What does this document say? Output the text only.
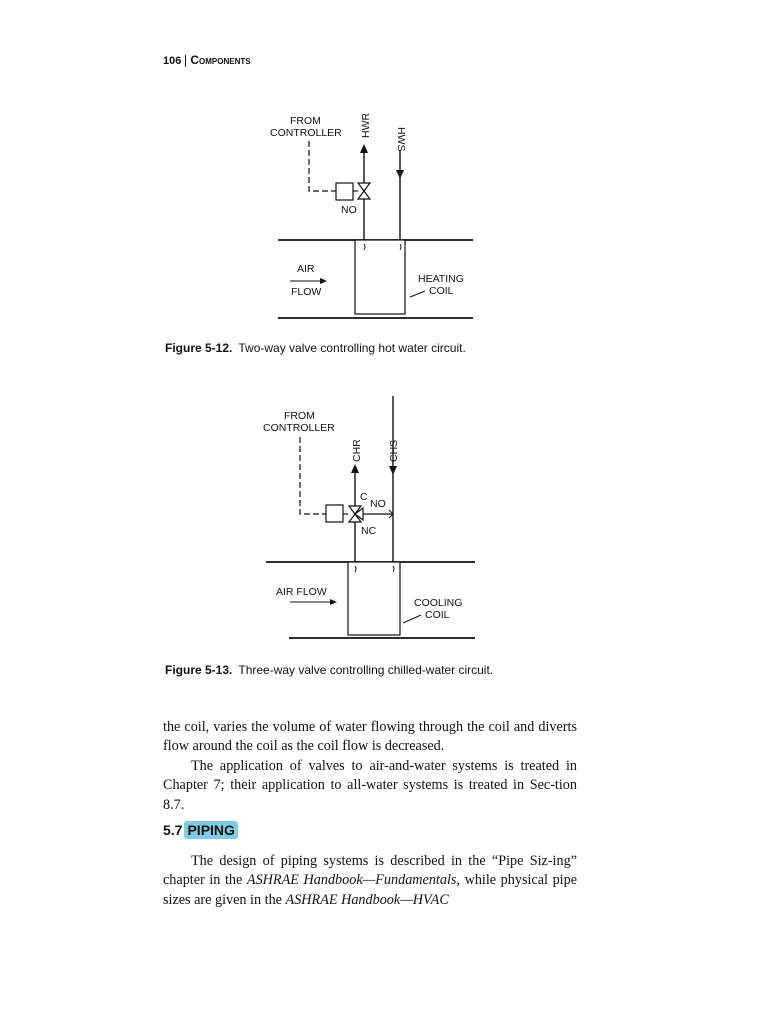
106 Components
FROM
CONTROLLER HWR
HWS
NO
AIR
FLOW
HEATING
COIL
Figure 5-12. Two-way valve controlling hot water circuit.
FROM
CONTROLLER
CHR CHS
C
NO
NC
AIR FLOW
COOLING
COIL
Figure 5-13. Three-way valve controlling chilled-water circuit.

the coil, varies the volume of water flowing through the coil and diverts flow around the coil as the coil flow is decreased.

The application of valves to air-and-water systems is treated in Chapter 7; their application to all-water systems is treated in Sec-tion 8.7.

5.7 PIPING

The design of piping systems is described in the “Pipe Siz-ing” chapter in the ASHRAE Handbook—Fundamentals, while physical pipe sizes are given in the ASHRAE Handbook—HVAC
